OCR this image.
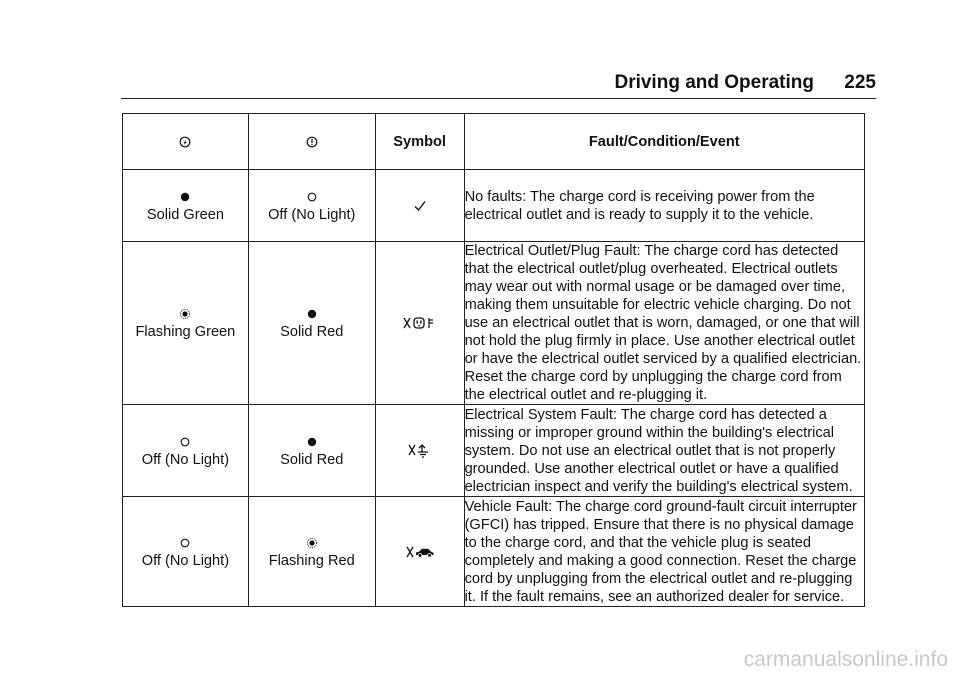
Driving and Operating 225
		Symbol	Fault/Condition/Event

Solid Green	Off (No Light)		No faults: The charge cord is receiving power from the electrical outlet and is ready to supply it to the vehicle.

Flashing Green	Solid Red		Electrical Outlet/Plug Fault: The charge cord has detected that the electrical outlet/plug overheated. Electrical outlets may wear out with normal usage or be damaged over time, making them unsuitable for electric vehicle charging. Do not use an electrical outlet that is worn, damaged, or one that will not hold the plug firmly in place. Use another electrical outlet or have the electrical outlet serviced by a qualified electrician. Reset the charge cord by unplugging the charge cord from the electrical outlet and re-plugging it.

Off (No Light)	Solid Red		Electrical System Fault: The charge cord has detected a missing or improper ground within the building's electrical system. Do not use an electrical outlet that is not properly grounded. Use another electrical outlet or have a qualified electrician inspect and verify the building's electrical system.

Off (No Light)	Flashing Red		Vehicle Fault: The charge cord ground-fault circuit interrupter (GFCI) has tripped. Ensure that there is no physical damage to the charge cord, and that the vehicle plug is seated completely and making a good connection. Reset the charge cord by unplugging from the electrical outlet and re-plugging it. If the fault remains, see an authorized dealer for service.
carmanualsonline.info
